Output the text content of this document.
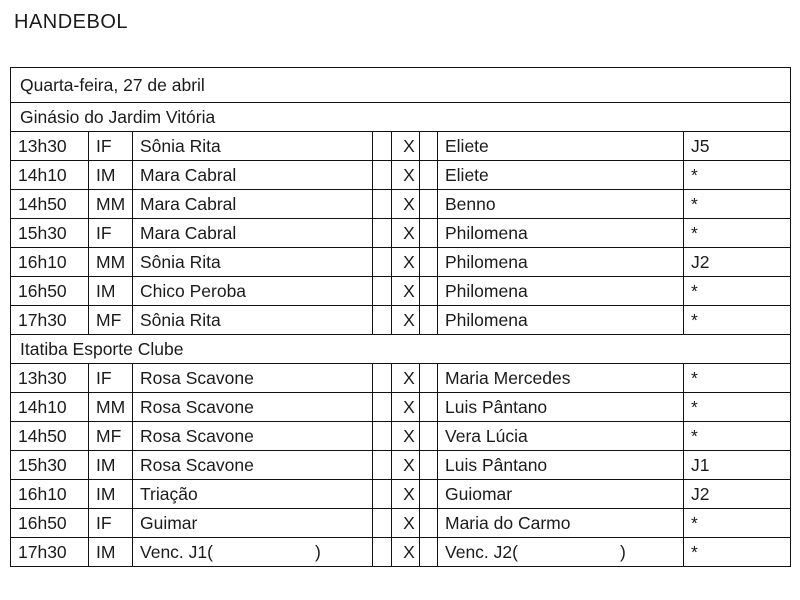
HANDEBOL
Quarta-feira, 27 de abril							
Ginásio do Jardim Vitória							
13h30	IF	Sônia Rita		X		Eliete	J5
14h10	IM	Mara Cabral		X		Eliete	*
14h50	MM	Mara Cabral		X		Benno	*
15h30	IF	Mara Cabral		X		Philomena	*
16h10	MM	Sônia Rita		X		Philomena	J2
16h50	IM	Chico Peroba		X		Philomena	*
17h30	MF	Sônia Rita		X		Philomena	*
Itatiba Esporte Clube							
13h30	IF	Rosa Scavone		X		Maria Mercedes	*
14h10	MM	Rosa Scavone		X		Luis Pântano	*
14h50	MF	Rosa Scavone		X		Vera Lúcia	*
15h30	IM	Rosa Scavone		X		Luis Pântano	J1
16h10	IM	Triação		X		Guiomar	J2
16h50	IF	Guimar		X		Maria do Carmo	*
17h30	IM	Venc. J1(                     )		X		Venc. J2(                     )	*
